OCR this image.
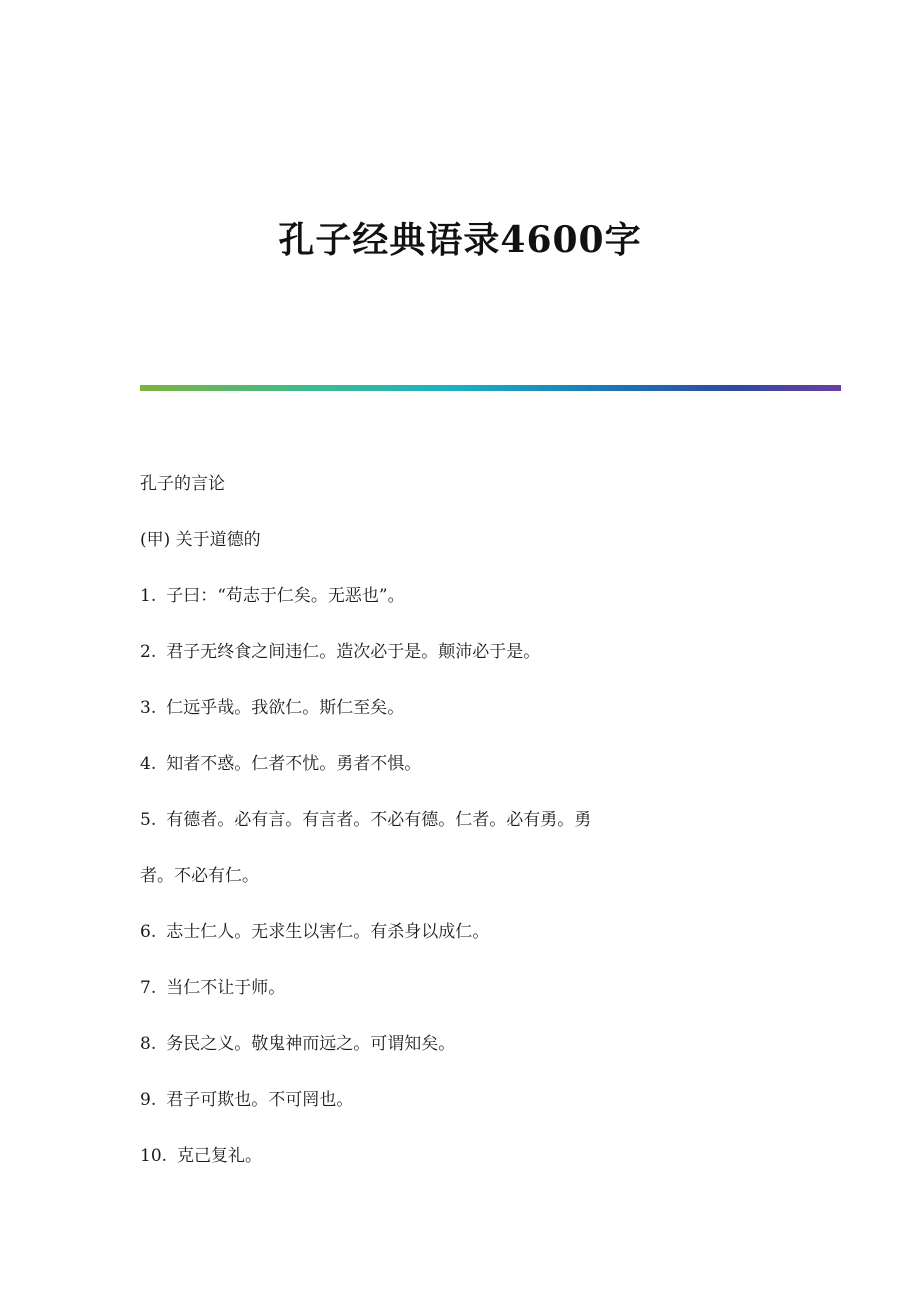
孔子经典语录4600字
孔子的言论
(甲) 关于道德的
1. 子曰：“苟志于仁矣。无恶也”。
2. 君子无终食之间违仁。造次必于是。颠沛必于是。
3. 仁远乎哉。我欲仁。斯仁至矣。
4. 知者不惑。仁者不忧。勇者不惧。
5. 有德者。必有言。有言者。不必有德。仁者。必有勇。勇
者。不必有仁。
6. 志士仁人。无求生以害仁。有杀身以成仁。
7. 当仁不让于师。
8. 务民之义。敬鬼神而远之。可谓知矣。
9. 君子可欺也。不可罔也。
10. 克己复礼。
